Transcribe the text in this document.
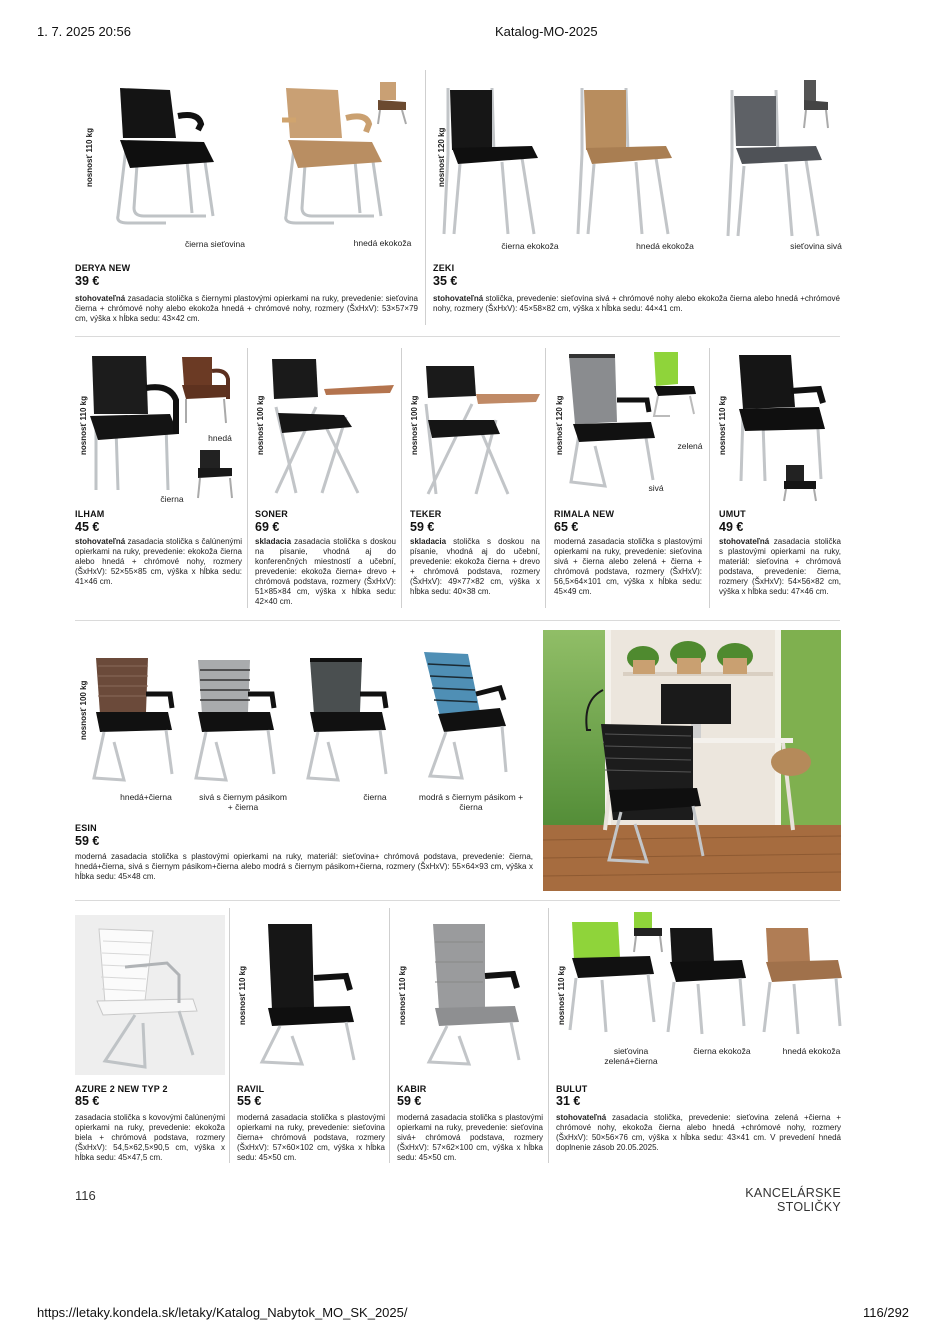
1. 7. 2025 20:56	Katalog-MO-2025
nosnosť 110 kg
čierna sieťovina	hnedá ekokoža
DERYA NEW
39 €
stohovateľná zasadacia stolička s čiernymi plastovými opierkami na ruky, prevedenie: sieťovina čierna + chrómové nohy alebo ekokoža hnedá + chrómové nohy, rozmery (ŠxHxV): 53×57×79 cm, výška x hĺbka sedu: 43×42 cm.
nosnosť 120 kg
čierna ekokoža	hnedá ekokoža	sieťovina sivá
ZEKI
35 €
stohovateľná stolička, prevedenie: sieťovina sivá + chrómové nohy alebo ekokoža čierna alebo hnedá +chrómové nohy, rozmery (ŠxHxV): 45×58×82 cm, výška x hĺbka sedu: 44×41 cm.
nosnosť 110 kg	hnedá
čierna
ILHAM
45 €
stohovateľná zasadacia stolička s čalúnenými opierkami na ruky, prevedenie: ekokoža čierna alebo hnedá + chrómové nohy, rozmery (ŠxHxV): 52×55×85 cm, výška x hĺbka sedu: 41×46 cm.
nosnosť 100 kg
SONER
69 €
skladacia zasadacia stolička s doskou na písanie, vhodná aj do konferenčných miestností a učební, prevedenie: ekokoža čierna+ drevo + chrómová podstava, rozmery (ŠxHxV): 51×85×84 cm, výška x hĺbka sedu: 42×40 cm.
nosnosť 100 kg
TEKER
59 €
skladacia stolička s doskou na písanie, vhodná aj do učební, prevedenie: ekokoža čierna + drevo + chrómová podstava, rozmery (ŠxHxV): 49×77×82 cm, výška x hĺbka sedu: 40×38 cm.
nosnosť 120 kg	zelená
sivá
RIMALA NEW
65 €
moderná zasadacia stolička s plastovými opierkami na ruky, prevedenie: sieťovina sivá + čierna alebo zelená + čierna + chrómová podstava, rozmery (ŠxHxV): 56,5×64×101 cm, výška x hĺbka sedu: 45×49 cm.
nosnosť 110 kg
UMUT
49 €
stohovateľná zasadacia stolička s plastovými opierkami na ruky, materiál: sieťovina + chrómová podstava, prevedenie: čierna, rozmery (ŠxHxV): 54×56×82 cm, výška x hĺbka sedu: 47×46 cm.
nosnosť 100 kg
hnedá+čierna	sivá s čiernym pásikom + čierna
čierna	modrá s čiernym pásikom + čierna
ESIN
59 €
moderná zasadacia stolička s plastovými opierkami na ruky, materiál: sieťovina+ chrómová podstava, prevedenie: čierna, hnedá+čierna, sivá s čiernym pásikom+čierna alebo modrá s čiernym pásikom+čierna, rozmery (ŠxHxV): 55×64×93 cm, výška x hĺbka sedu: 45×48 cm.
AZURE 2 NEW TYP 2
85 €
zasadacia stolička s kovovými čalúnenými opierkami na ruky, prevedenie: ekokoža biela + chrómová podstava, rozmery (ŠxHxV): 54,5×62,5×90,5 cm, výška x hĺbka sedu: 45×47,5 cm.
nosnosť 110 kg
RAVIL
55 €
moderná zasadacia stolička s plastovými opierkami na ruky, prevedenie: sieťovina čierna+ chrómová podstava, rozmery (ŠxHxV): 57×60×102 cm, výška x hĺbka sedu: 45×50 cm.
nosnosť 110 kg
KABIR
59 €
moderná zasadacia stolička s plastovými opierkami na ruky, prevedenie: sieťovina sivá+ chrómová podstava, rozmery (ŠxHxV): 57×62×100 cm, výška x hĺbka sedu: 45×50 cm.
nosnosť 110 kg
sieťovina zelená+čierna
čierna ekokoža	hnedá ekokoža
BULUT
31 €
stohovateľná zasadacia stolička, prevedenie: sieťovina zelená +čierna + chrómové nohy, ekokoža čierna alebo hnedá +chrómové nohy, rozmery (ŠxHxV): 50×56×76 cm, výška x hĺbka sedu: 43×41 cm. V prevedení hnedá doplnenie zásob 20.05.2025.
116	KANCELÁRSKE STOLIČKY
https://letaky.kondela.sk/letaky/Katalog_Nabytok_MO_SK_2025/	116/292
